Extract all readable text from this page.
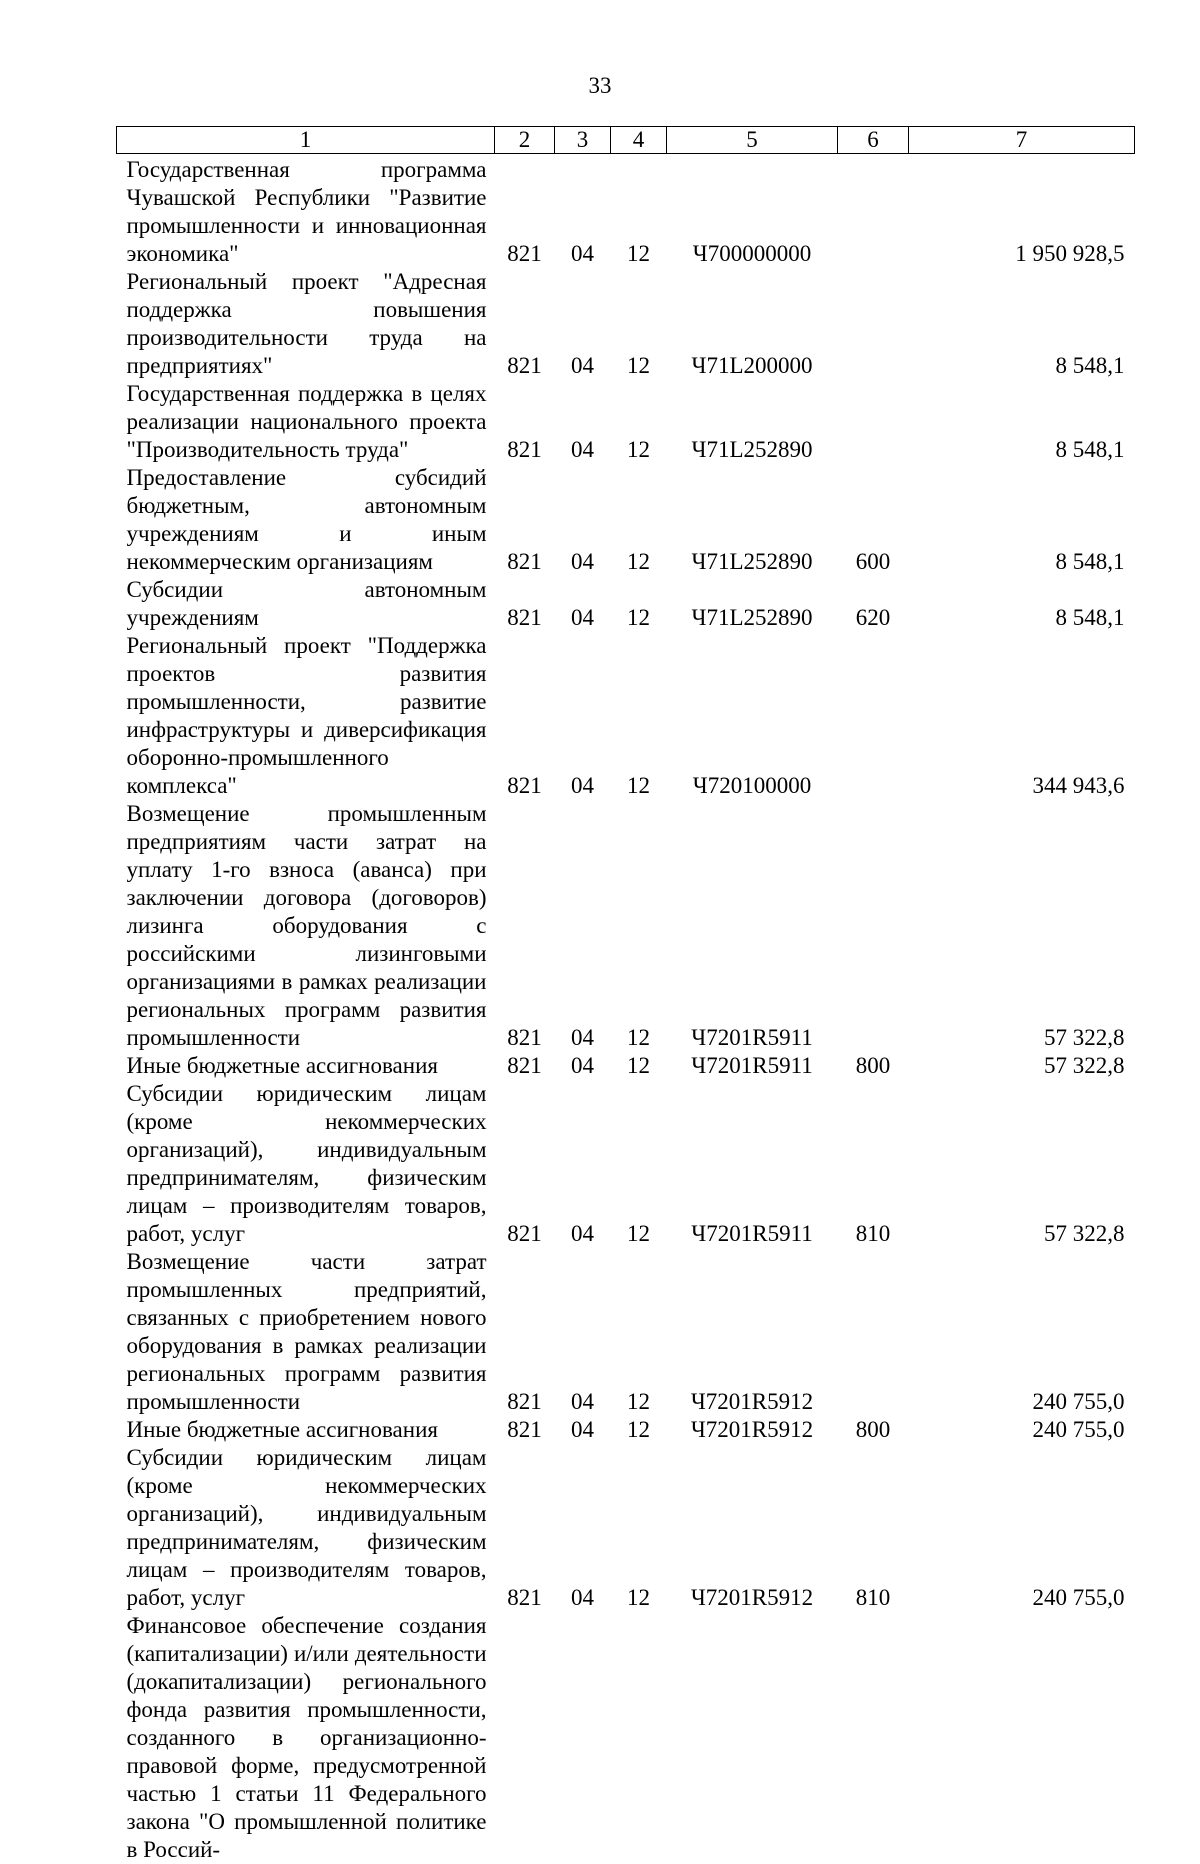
33
1	2	3	4	5	6	7
Государственная программа Чувашской Республики "Развитие промышленности и инновационная экономика"	821	04	12	Ч700000000		1 950 928,5
Региональный проект "Адресная поддержка повышения производительности труда на предприятиях"	821	04	12	Ч71L200000		8 548,1
Государственная поддержка в целях реализации национального проекта "Производительность труда"	821	04	12	Ч71L252890		8 548,1
Предоставление субсидий бюджетным, автономным учреждениям и иным некоммерческим организациям	821	04	12	Ч71L252890	600	8 548,1
Субсидии автономным учреждениям	821	04	12	Ч71L252890	620	8 548,1
Региональный проект "Поддержка проектов развития промышленности, развитие инфраструктуры и диверсификация оборонно-промышленного комплекса"	821	04	12	Ч720100000		344 943,6
Возмещение промышленным предприятиям части затрат на уплату 1-го взноса (аванса) при заключении договора (договоров) лизинга оборудования с российскими лизинговыми организациями в рамках реализации региональных программ развития промышленности	821	04	12	Ч7201R5911		57 322,8
Иные бюджетные ассигнования	821	04	12	Ч7201R5911	800	57 322,8
Субсидии юридическим лицам (кроме некоммерческих организаций), индивидуальным предпринимателям, физическим лицам – производителям товаров, работ, услуг	821	04	12	Ч7201R5911	810	57 322,8
Возмещение части затрат промышленных предприятий, связанных с приобретением нового оборудования в рамках реализации региональных программ развития промышленности	821	04	12	Ч7201R5912		240 755,0
Иные бюджетные ассигнования	821	04	12	Ч7201R5912	800	240 755,0
Субсидии юридическим лицам (кроме некоммерческих организаций), индивидуальным предпринимателям, физическим лицам – производителям товаров, работ, услуг	821	04	12	Ч7201R5912	810	240 755,0
Финансовое обеспечение создания (капитализации) и/или деятельности (докапитализации) регионального фонда развития промышленности, созданного в организационно-правовой форме, предусмотренной частью 1 статьи 11 Федерального закона "О промышленной политике в Россий-						
